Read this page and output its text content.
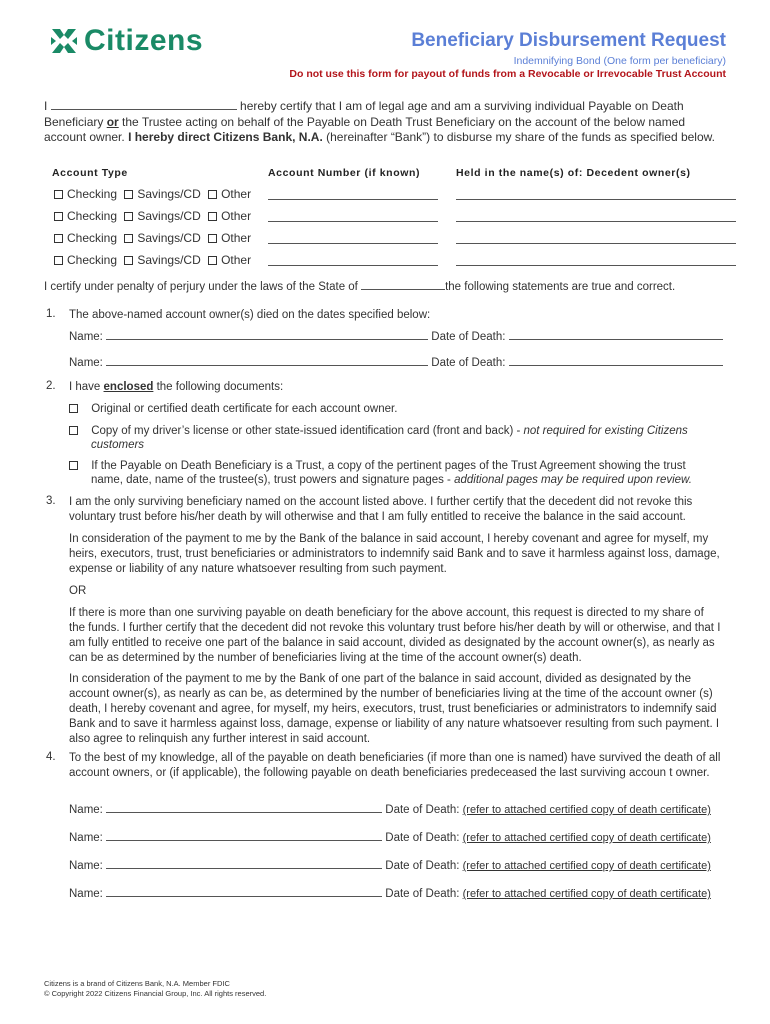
Citizens	Beneficiary Disbursement Request
Indemnifying Bond (One form per beneficiary)
Do not use this form for payout of funds from a Revocable or Irrevocable Trust Account
I	hereby certify that I am of legal age and am a surviving individual Payable on Death Beneficiary or the Trustee acting on behalf of the Payable on Death Trust Beneficiary on the account of the below named account owner. I hereby direct Citizens Bank, N.A. (hereinafter “Bank”) to disburse my share of the funds as specified below.
Account Type	Account Number (if known)	Held in the name(s) of: Decedent owner(s)
Checking Savings/CD Other
Checking Savings/CD Other
Checking Savings/CD Other
Checking Savings/CD Other
I certify under penalty of perjury under the laws of the State of	the following statements are true and correct.
1. The above-named account owner(s) died on the dates specified below:
Name:	Date of Death:
Name:	Date of Death:
2. I have enclosed the following documents:
Original or certified death certificate for each account owner.
Copy of my driver’s license or other state-issued identification card (front and back) - not required for existing Citizens
customers
If the Payable on Death Beneficiary is a Trust, a copy of the pertinent pages of the Trust Agreement showing the trust
name, date, name of the trustee(s), trust powers and signature pages - additional pages may be required upon review.
3. I am the only surviving beneficiary named on the account listed above. I further certify that the decedent did not revoke this voluntary trust before his/her death by will otherwise and that I am fully entitled to receive the balance in the said account.
In consideration of the payment to me by the Bank of the balance in said account, I hereby covenant and agree for myself, my heirs, executors, trust, trust beneficiaries or administrators to indemnify said Bank and to save it harmless against loss, damage, expense or liability of any nature whatsoever resulting from such payment.
OR
If there is more than one surviving payable on death beneficiary for the above account, this request is directed to my share of the funds. I further certify that the decedent did not revoke this voluntary trust before his/her death by will or otherwise, and that I am fully entitled to receive one part of the balance in said account, divided as designated by the account owner(s), as nearly as can be as determined by the number of beneficiaries living at the time of the account owner(s) death.
In consideration of the payment to me by the Bank of one part of the balance in said account, divided as designated by the account owner(s), as nearly as can be, as determined by the number of beneficiaries living at the time of the account owner (s) death, I hereby covenant and agree, for myself, my heirs, executors, trust, trust beneficiaries or administrators to indemnify said Bank and to save it harmless against loss, damage, expense or liability of any nature whatsoever resulting from such payment. I also agree to relinquish any further interest in said account.
4. To the best of my knowledge, all of the payable on death beneficiaries (if more than one is named) have survived the death of all account owners, or (if applicable), the following payable on death beneficiaries predeceased the last surviving accoun t owner.
Name:	Date of Death: (refer to attached certified copy of death certificate)
Name:	Date of Death: (refer to attached certified copy of death certificate)
Name:	Date of Death: (refer to attached certified copy of death certificate)
Name:	Date of Death: (refer to attached certified copy of death certificate)
Citizens is a brand of Citizens Bank, N.A. Member FDIC
© Copyright 2022 Citizens Financial Group, Inc. All rights reserved.
